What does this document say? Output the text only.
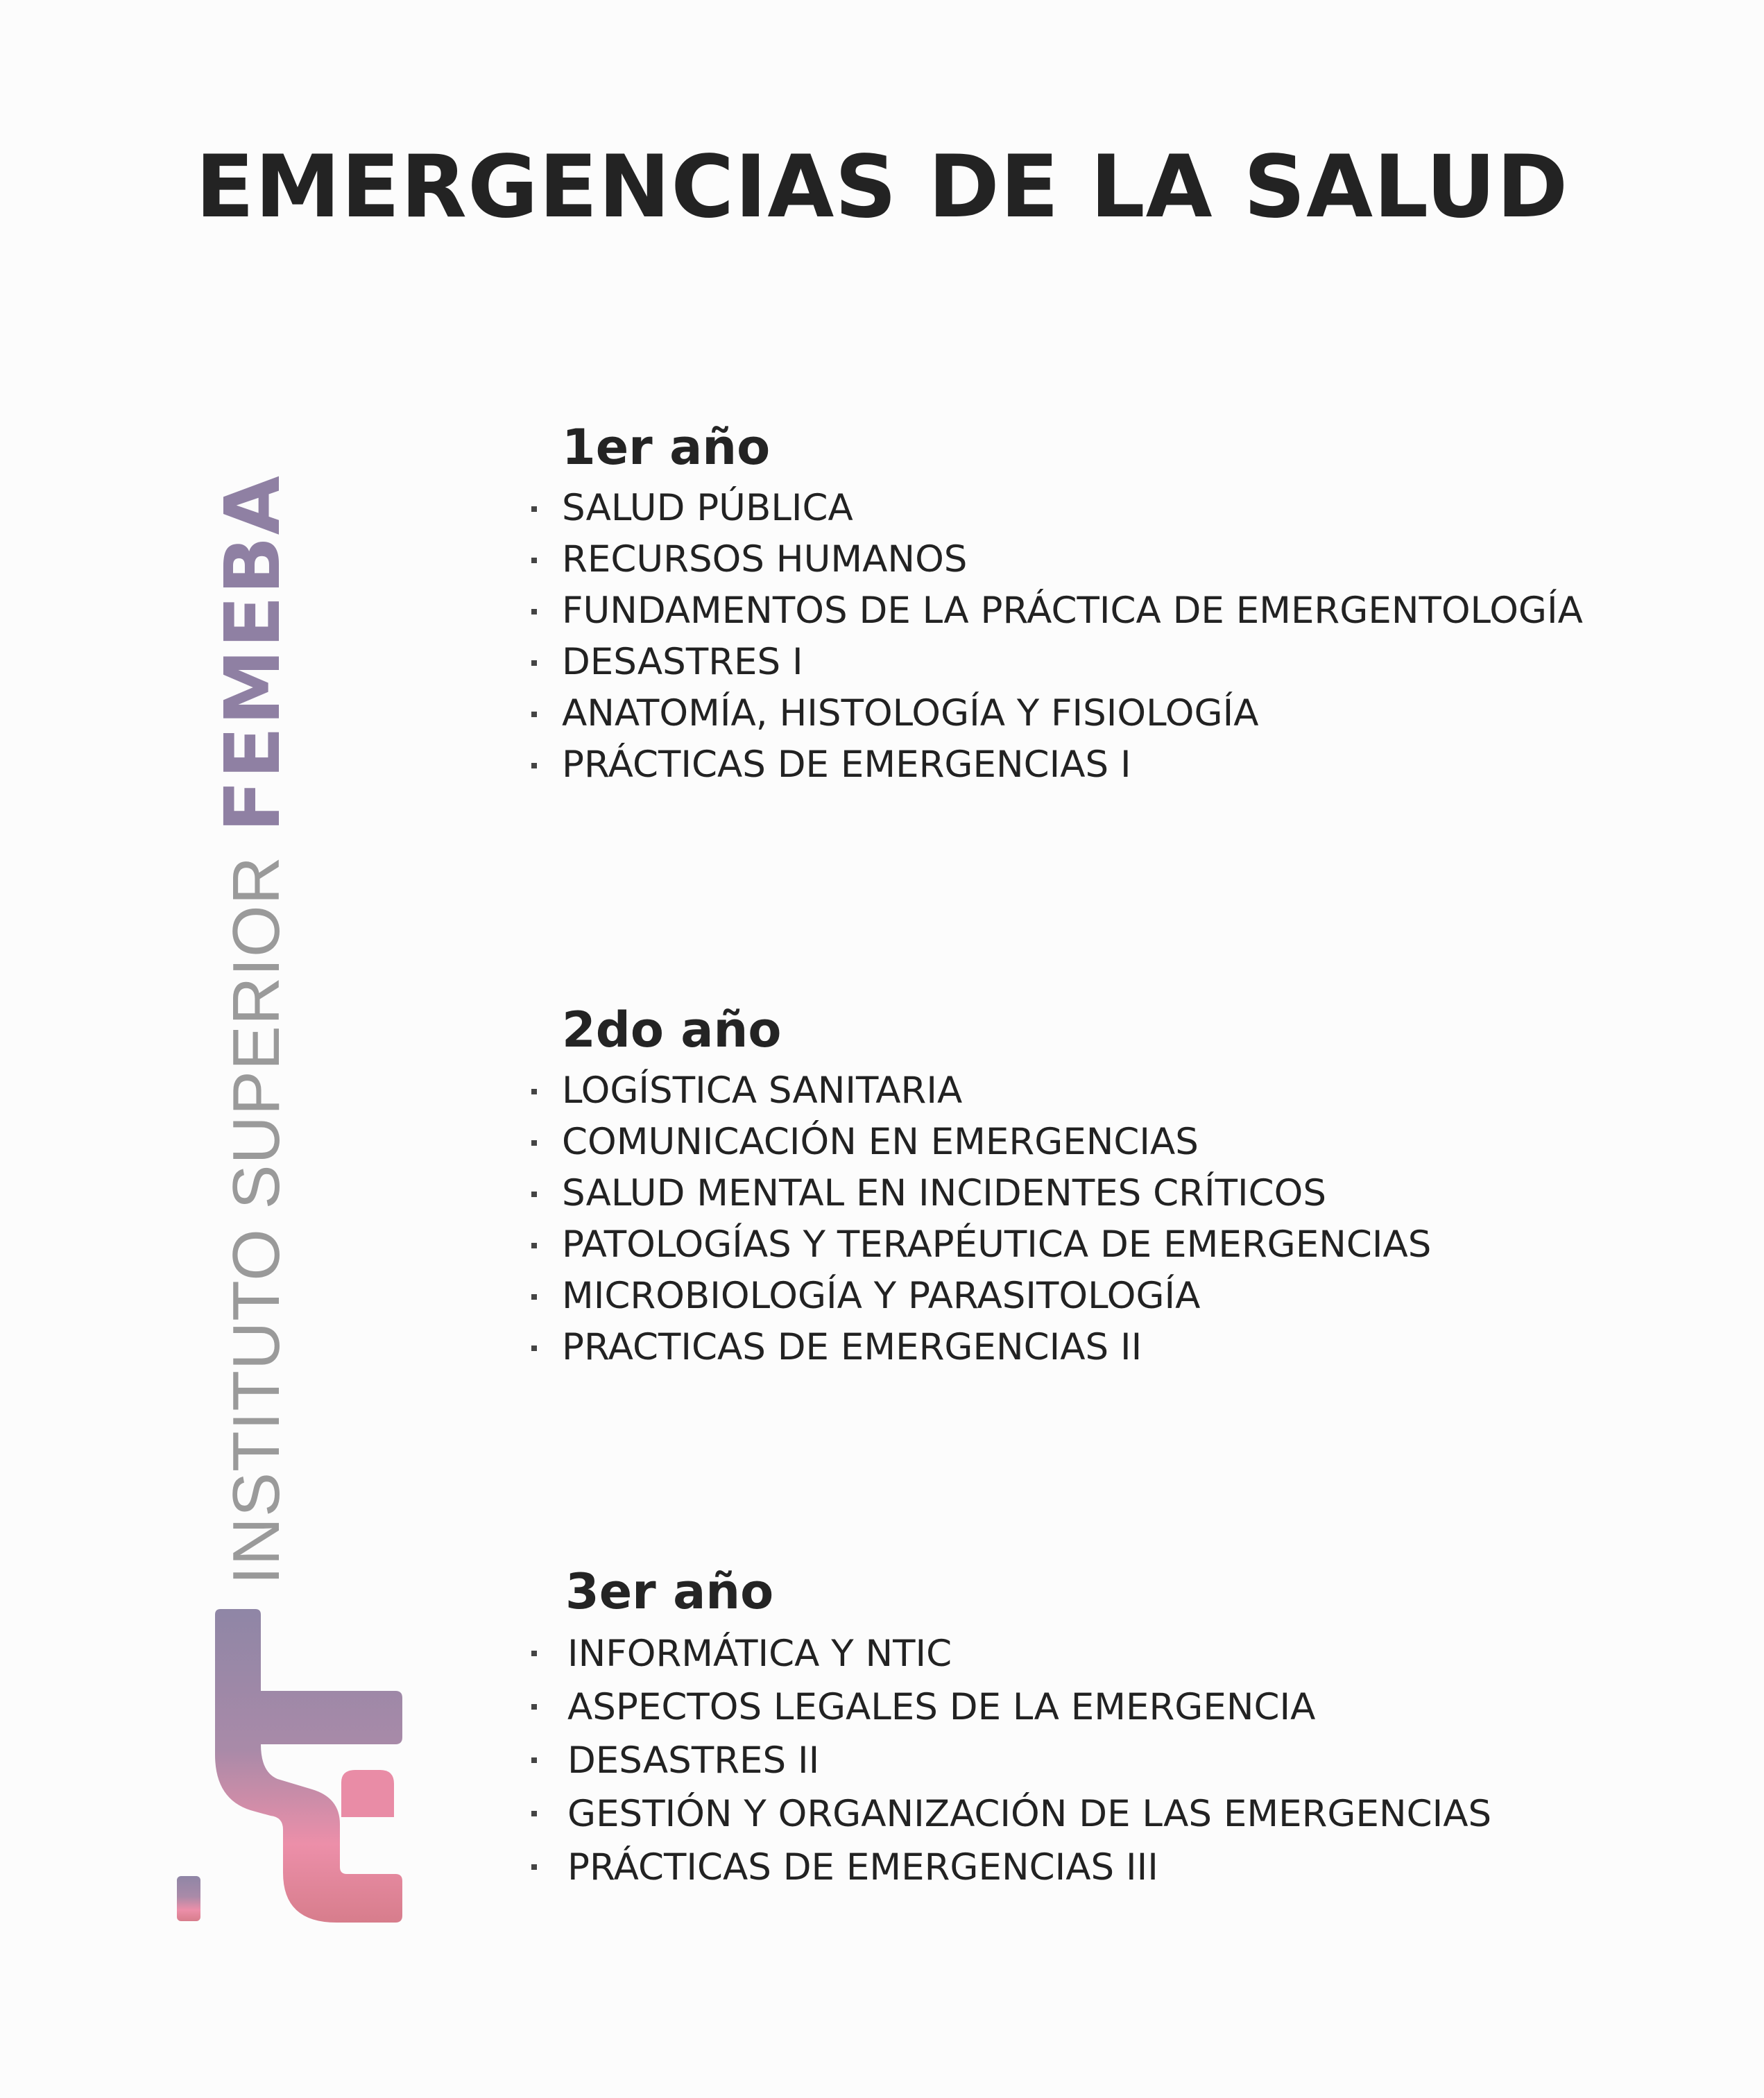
EMERGENCIAS DE LA SALUD
INSTITUTO SUPERIOR
FEMEBA
1er año
SALUD PÚBLICA
RECURSOS HUMANOS
FUNDAMENTOS DE LA PRÁCTICA DE EMERGENTOLOGÍA
DESASTRES I
ANATOMÍA, HISTOLOGÍA Y FISIOLOGÍA
PRÁCTICAS DE EMERGENCIAS I
2do año
LOGÍSTICA SANITARIA
COMUNICACIÓN EN EMERGENCIAS
SALUD MENTAL EN INCIDENTES CRÍTICOS
PATOLOGÍAS Y TERAPÉUTICA DE EMERGENCIAS
MICROBIOLOGÍA Y PARASITOLOGÍA
PRACTICAS DE EMERGENCIAS II
3er año
INFORMÁTICA Y NTIC
ASPECTOS LEGALES DE LA EMERGENCIA
DESASTRES II
GESTIÓN Y ORGANIZACIÓN DE LAS EMERGENCIAS
PRÁCTICAS DE EMERGENCIAS III
